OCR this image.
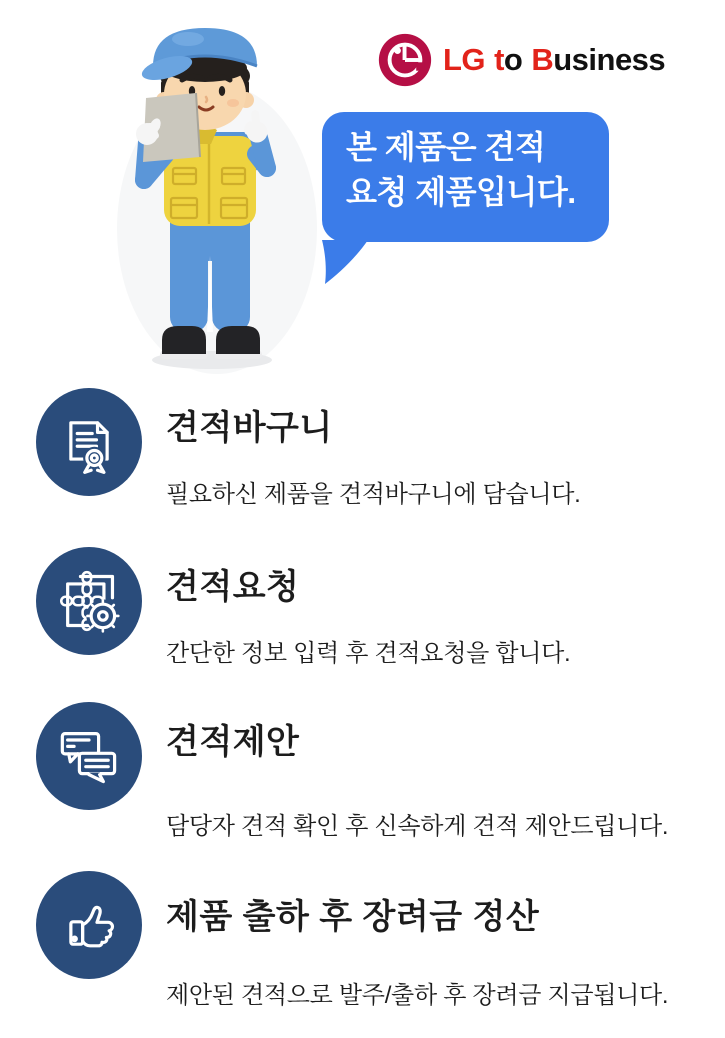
LG to Business
본 제품은 견적
요청 제품입니다.
견적바구니
필요하신 제품을 견적바구니에 담습니다.
견적요청
간단한 정보 입력 후 견적요청을 합니다.
견적제안
담당자 견적 확인 후 신속하게 견적 제안드립니다.
제품 출하 후 장려금 정산
제안된 견적으로 발주/출하 후 장려금 지급됩니다.
